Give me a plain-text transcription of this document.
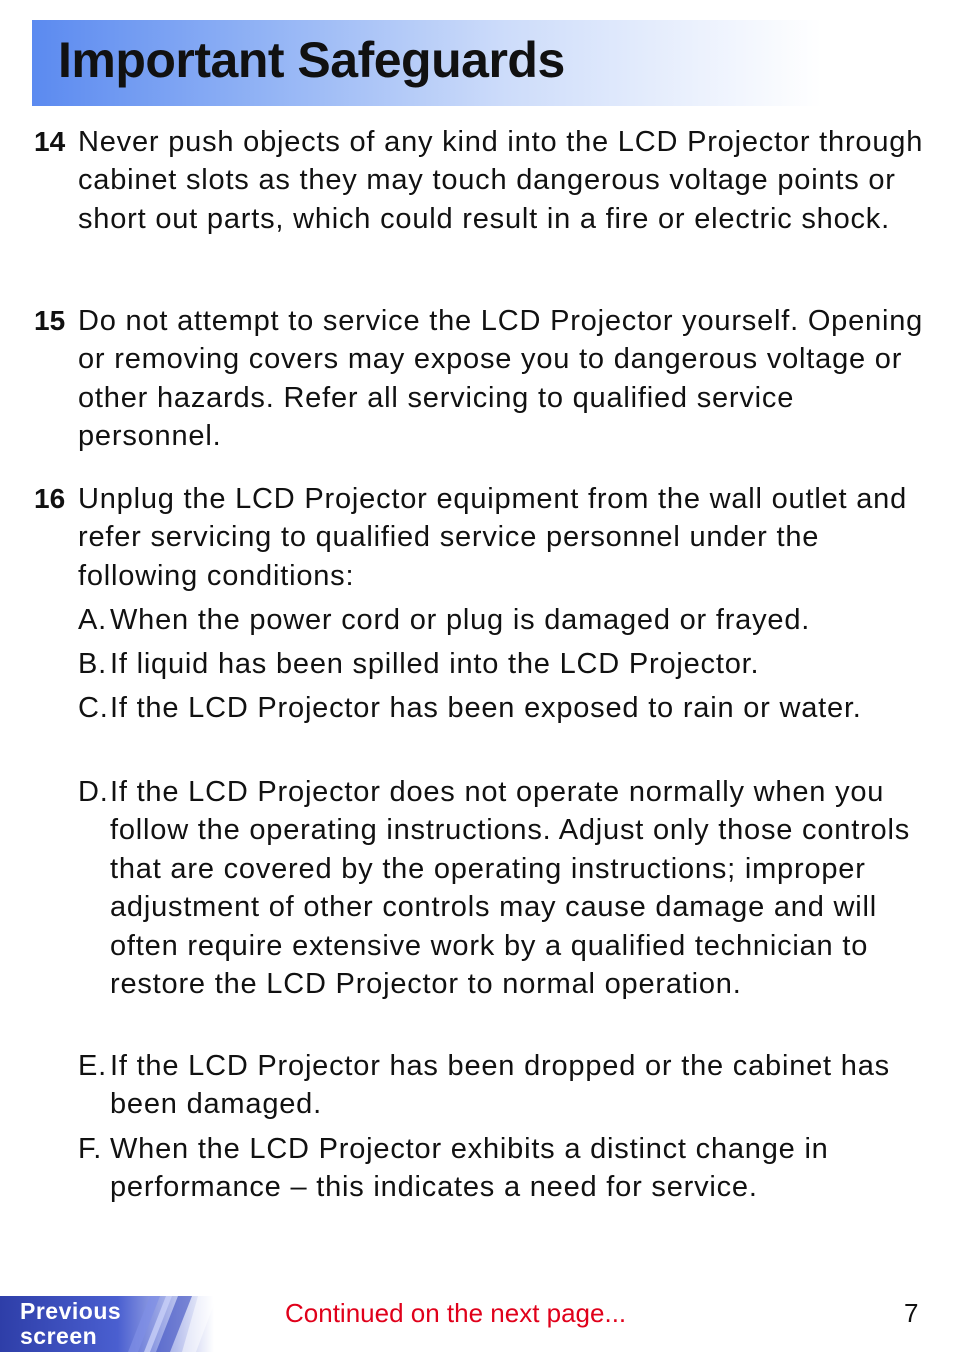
Important Safeguards
14 Never push objects of any kind into the LCD Projector through cabinet slots as they may touch dangerous voltage points or short out parts, which could result in a fire or electric shock.
15 Do not attempt to service the LCD Projector yourself. Opening or removing covers may expose you to dangerous voltage or other hazards. Refer all servicing to qualified service personnel.
16 Unplug the LCD Projector equipment from the wall outlet and refer servicing to qualified service personnel under the following conditions:
A. When the power cord or plug is damaged or frayed.
B. If liquid has been spilled into the LCD Projector.
C. If the LCD Projector has been exposed to rain or water.
D. If the LCD Projector does not operate normally when you follow the operating instructions. Adjust only those controls that are covered by the operating instructions; improper adjustment of other controls may cause damage and will often require extensive work by a qualified technician to restore the LCD Projector to normal operation.
E. If the LCD Projector has been dropped or the cabinet has been damaged.
F. When the LCD Projector exhibits a distinct change in performance – this indicates a need for service.
Previous
screen
Continued on the next page...	7
